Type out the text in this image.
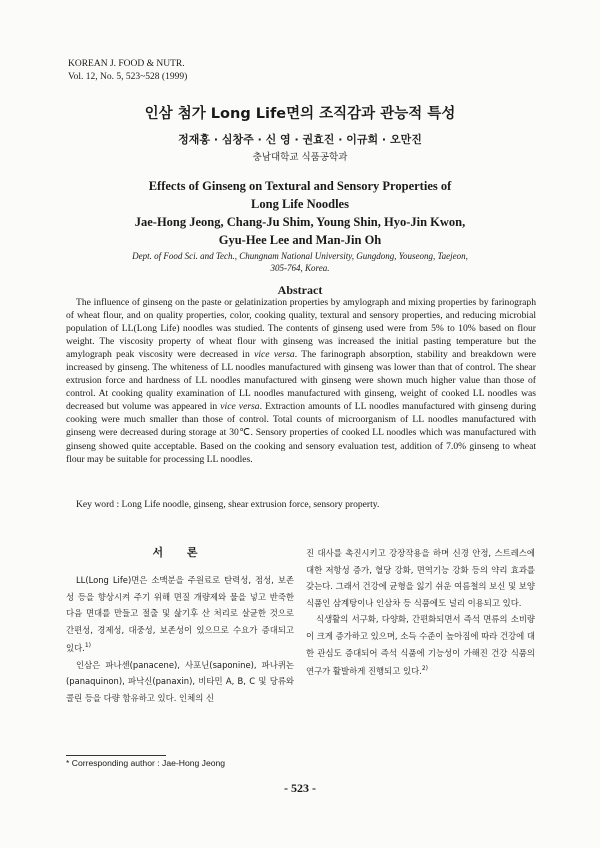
KOREAN J. FOOD & NUTR.
Vol. 12, No. 5, 523~528 (1999)
인삼 첨가 Long Life면의 조직감과 관능적 특성
정재홍 · 심창주 · 신 영 · 권효진 · 이규희 · 오만진
충남대학교 식품공학과
Effects of Ginseng on Textural and Sensory Properties of
Long Life Noodles
Jae-Hong Jeong, Chang-Ju Shim, Young Shin, Hyo-Jin Kwon,
Gyu-Hee Lee and Man-Jin Oh
Dept. of Food Sci. and Tech., Chungnam National University, Gungdong, Youseong, Taejeon,
305-764, Korea.
Abstract
The influence of ginseng on the paste or gelatinization properties by amylograph and mixing properties by farinograph of wheat flour, and on quality properties, color, cooking quality, textural and sensory properties, and reducing microbial population of LL(Long Life) noodles was studied. The contents of ginseng used were from 5% to 10% based on flour weight. The viscosity property of wheat flour with ginseng was increased the initial pasting temperature but the amylograph peak viscosity were decreased in vice versa. The farinograph absorption, stability and breakdown were increased by ginseng. The whiteness of LL noodles manufactured with ginseng was lower than that of control. The shear extrusion force and hardness of LL noodles manufactured with ginseng were shown much higher value than those of control. At cooking quality examination of LL noodles manufactured with ginseng, weight of cooked LL noodles was decreased but volume was appeared in vice versa. Extraction amounts of LL noodles manufactured with ginseng during cooking were much smaller than those of control. Total counts of microorganism of LL noodles manufactured with ginseng were decreased during storage at 30℃. Sensory properties of cooked LL noodles which was manufactured with ginseng showed quite acceptable. Based on the cooking and sensory evaluation test, addition of 7.0% ginseng to wheat flour may be suitable for processing LL noodles.
Key word : Long Life noodle, ginseng, shear extrusion force, sensory property.
서 론

LL(Long Life)면은 소맥분을 주원료로 탄력성, 점성, 보존성 등을 향상시켜 주기 위해 면질 개량제와 물을 넣고 반죽한 다음 면대를 만들고 절출 및 삶기후 산 처리로 살균한 것으로 간편성, 경제성, 대중성, 보존성이 있으므로 수요가 증대되고 있다.$^{1)}$

인삼은 파나센(panacene), 사포닌(saponine), 파나퀴논(panaquinon), 파낙신(panaxin), 비타민 A, B, C 및 당류와 콜린 등을 다량 함유하고 있다. 인체의 신

진 대사를 촉진시키고 강장작용을 하며 신경 안정, 스트레스에 대한 저항성 증가, 혈당 강화, 면역기능 강화 등의 약리 효과를 갖는다. 그래서 건강에 균형을 잃기 쉬운 여름철의 보신 및 보양식품인 삼계탕이나 인삼차 등 식품에도 널리 이용되고 있다.

식생활의 서구화, 다양화, 간편화되면서 즉석 면류의 소비량이 크게 증가하고 있으며, 소득 수준이 높아짐에 따라 건강에 대한 관심도 증대되어 즉석 식품에 기능성이 가해진 건강 식품의 연구가 활발하게 진행되고 있다.$^{2)}$

* Corresponding author : Jae-Hong Jeong
- 523 -
